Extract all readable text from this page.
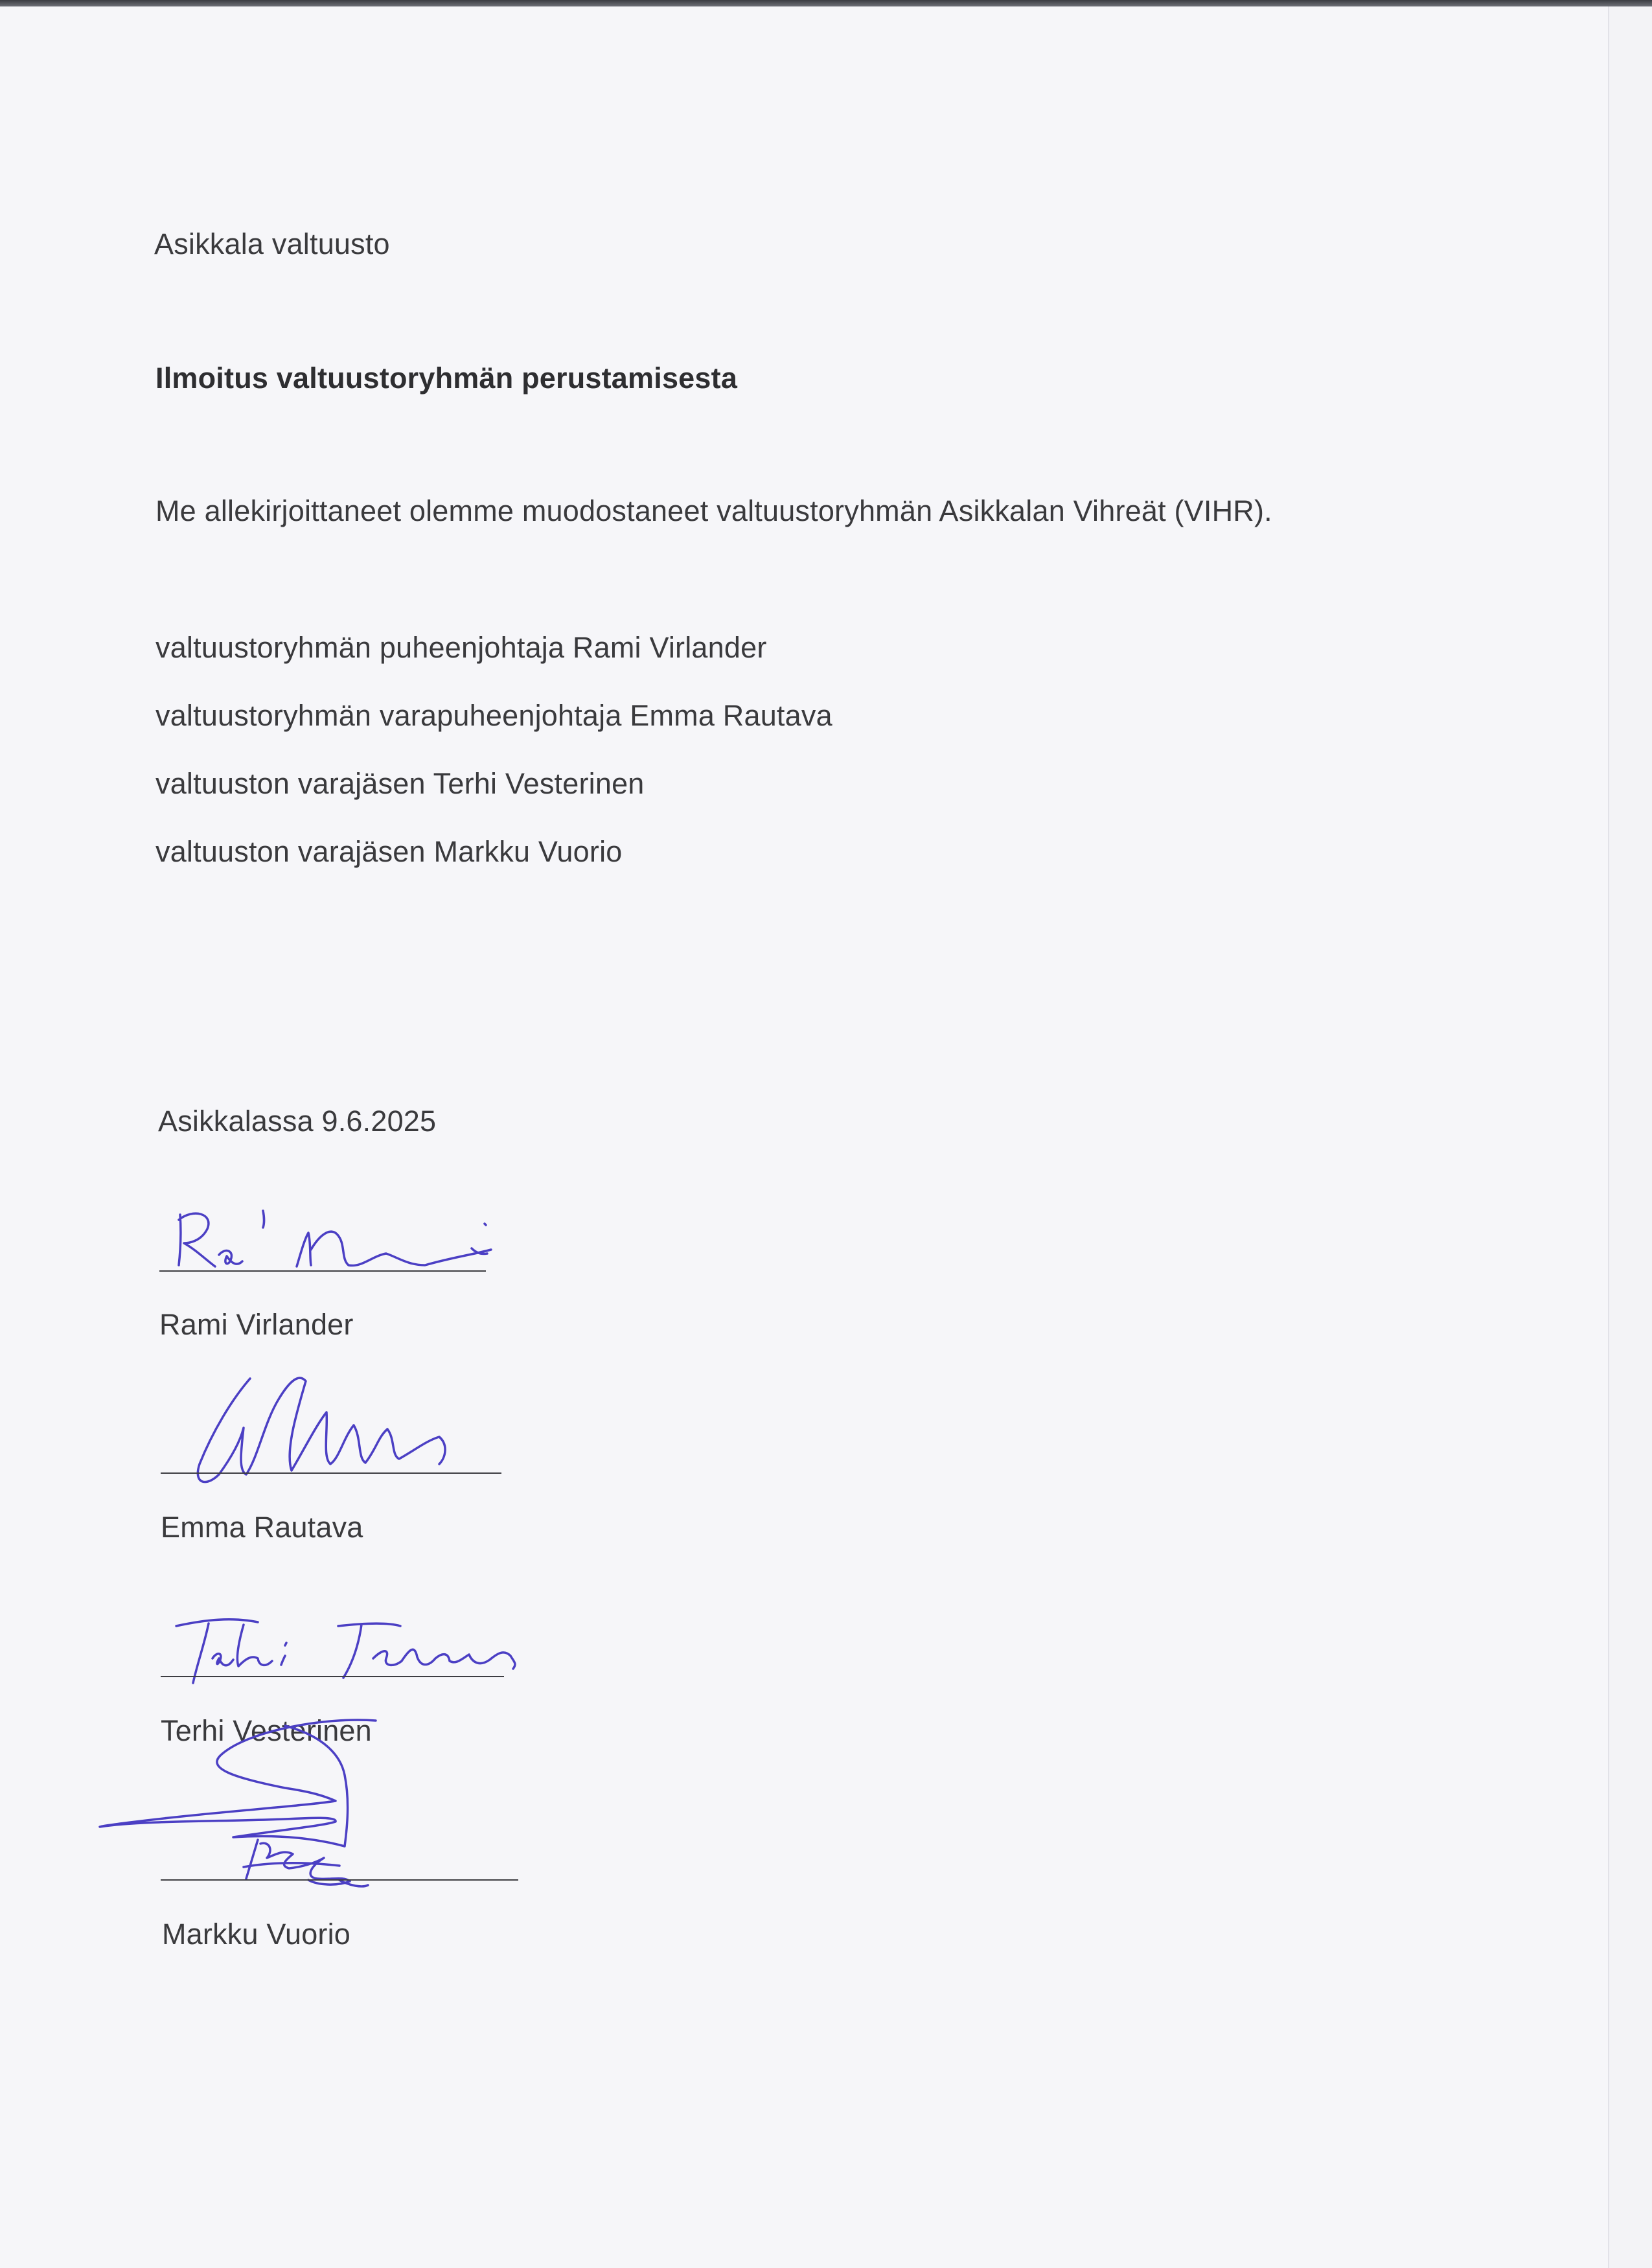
Asikkala valtuusto
Ilmoitus valtuustoryhmän perustamisesta
Me allekirjoittaneet olemme muodostaneet valtuustoryhmän Asikkalan Vihreät (VIHR).
valtuustoryhmän puheenjohtaja Rami Virlander
valtuustoryhmän varapuheenjohtaja Emma Rautava
valtuuston varajäsen Terhi Vesterinen
valtuuston varajäsen Markku Vuorio
Asikkalassa 9.6.2025
Rami Virlander
Emma Rautava
Terhi Vesterinen
Markku Vuorio
